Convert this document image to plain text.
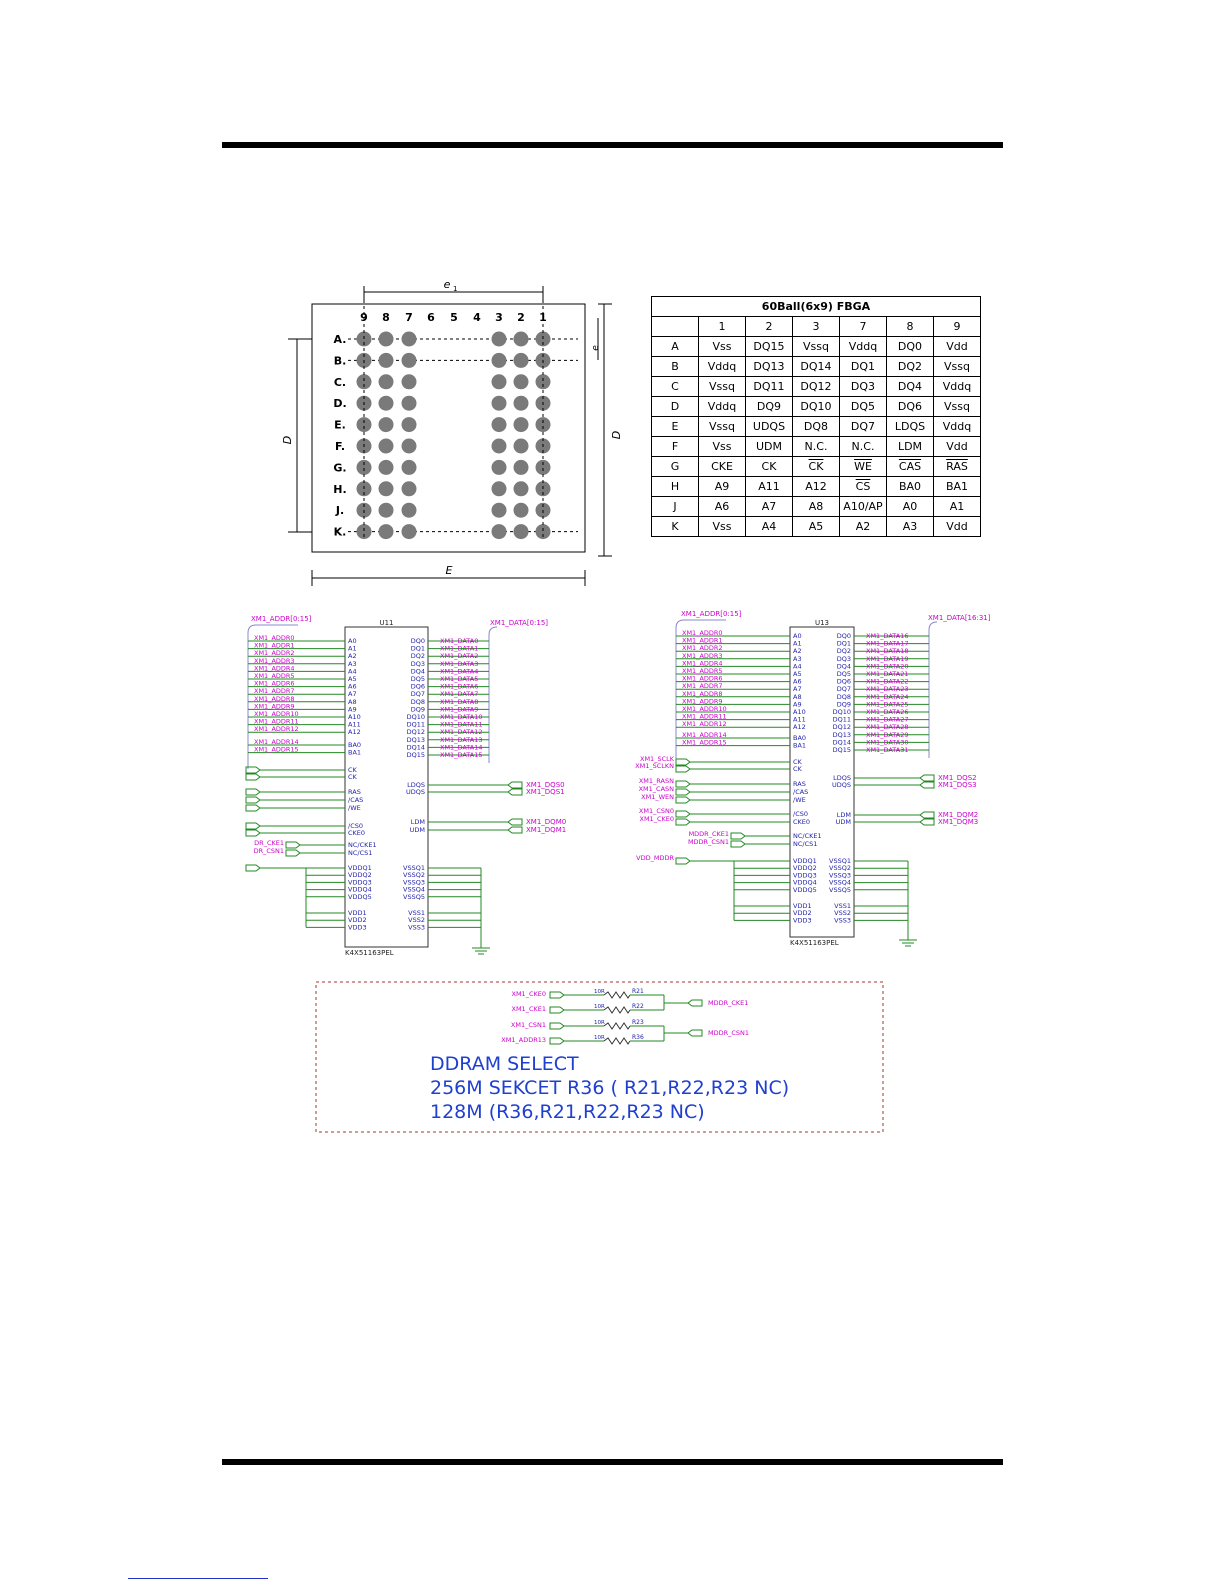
e 1
D
D
e
E
9 8 7 6 5 4 3 2 1
A.
B.
C.
D.
E.
F.
G.
H.
J.
K.
60Ball(6x9) FBGA						
	1	2	3	7	8	9
A	Vss	DQ15	Vssq	Vddq	DQ0	Vdd
B	Vddq	DQ13	DQ14	DQ1	DQ2	Vssq
C	Vssq	DQ11	DQ12	DQ3	DQ4	Vddq
D	Vddq	DQ9	DQ10	DQ5	DQ6	Vssq
E	Vssq	UDQS	DQ8	DQ7	LDQS	Vddq
F	Vss	UDM	N.C.	N.C.	LDM	Vdd
G	CKE	CK	$\overline{CK}$	$\overline{WE}$	$\overline{CAS}$	$\overline{RAS}$
H	A9	A11	A12	$\overline{CS}$	BA0	BA1
J	A6	A7	A8	A10/AP	A0	A1
K	Vss	A4	A5	A2	A3	Vdd
U11
K4X51163PEL
XM1_ADDR[0:15]
XM1_ADDR0	A0
XM1_ADDR1	A1
XM1_ADDR2	A2
XM1_ADDR3	A3
XM1_ADDR4	A4
XM1_ADDR5	A5
XM1_ADDR6	A6
XM1_ADDR7	A7
XM1_ADDR8	A8
XM1_ADDR9	A9
XM1_ADDR10	A10
XM1_ADDR11	A11
XM1_ADDR12	A12
XM1_ADDR14	BA0
XM1_ADDR15	BA1
XM1_DATA[0:15]
XM1_DATA0
DQ0
XM1_DATA1
DQ1
XM1_DATA2
DQ2
XM1_DATA3
DQ3
XM1_DATA4
DQ4
XM1_DATA5
DQ5
XM1_DATA6
DQ6
XM1_DATA7
DQ7
XM1_DATA8
DQ8
XM1_DATA9
DQ9
XM1_DATA10
DQ10
XM1_DATA11
DQ11
XM1_DATA12
DQ12
XM1_DATA13
DQ13
XM1_DATA14
DQ14
XM1_DATA15
DQ15
CK
CK
RAS
/CAS
/WE
/CS0
CKE0
XM1_DQS0
LDQS
XM1_DQS1
UDQS
XM1_DQM0
LDM
XM1_DQM1
UDM
DR_CKE1	NC/CKE1
DR_CSN1	NC/CS1
VDDQ1
VDDQ2
VDDQ3
VDDQ4
VDDQ5
VDD1
VDD2
VDD3
VSSQ1
VSSQ2
VSSQ3
VSSQ4
VSSQ5
VSS1
VSS2
VSS3
U13
K4X51163PEL
XM1_ADDR[0:15]
XM1_ADDR0	A0
XM1_ADDR1	A1
XM1_ADDR2	A2
XM1_ADDR3	A3
XM1_ADDR4	A4
XM1_ADDR5	A5
XM1_ADDR6	A6
XM1_ADDR7	A7
XM1_ADDR8	A8
XM1_ADDR9	A9
XM1_ADDR10	A10
XM1_ADDR11	A11
XM1_ADDR12	A12
XM1_ADDR14	BA0
XM1_ADDR15	BA1
XM1_DATA[16:31]
XM1_DATA16
DQ0
XM1_DATA17
DQ1
XM1_DATA18
DQ2
XM1_DATA19
DQ3
XM1_DATA20
DQ4
XM1_DATA21
DQ5
XM1_DATA22
DQ6
XM1_DATA23
DQ7
XM1_DATA24
DQ8
XM1_DATA25
DQ9
XM1_DATA26
DQ10
XM1_DATA27
DQ11
XM1_DATA28
DQ12
XM1_DATA29
DQ13
XM1_DATA30
DQ14
XM1_DATA31
DQ15
CK
CK
RAS
/CAS
/WE
/CS0
CKE0
XM1_SCLK
XM1_SCLKN
XM1_RASN
XM1_CASN
XM1_WEN
XM1_CSN0
XM1_CKE0
XM1_DQS2
LDQS
XM1_DQS3
UDQS
XM1_DQM2
LDM
XM1_DQM3
UDM
MDDR_CKE1	NC/CKE1
MDDR_CSN1	NC/CS1
VDDQ1
VDDQ2
VDDQ3
VDDQ4
VDDQ5
VDD1
VDD2
VDD3
VDD_MDDR	VSSQ1
VSSQ2
VSSQ3
VSSQ4
VSSQ5
VSS1
VSS2
VSS3
XM1_CKE0	10R	R21
XM1_CKE1	10R	R22
XM1_CSN1	10R	R23
XM1_ADDR13	10R	R36
MDDR_CKE1
MDDR_CSN1
DDRAM SELECT
256M SEKCET R36 ( R21,R22,R23 NC)
128M (R36,R21,R22,R23 NC)
